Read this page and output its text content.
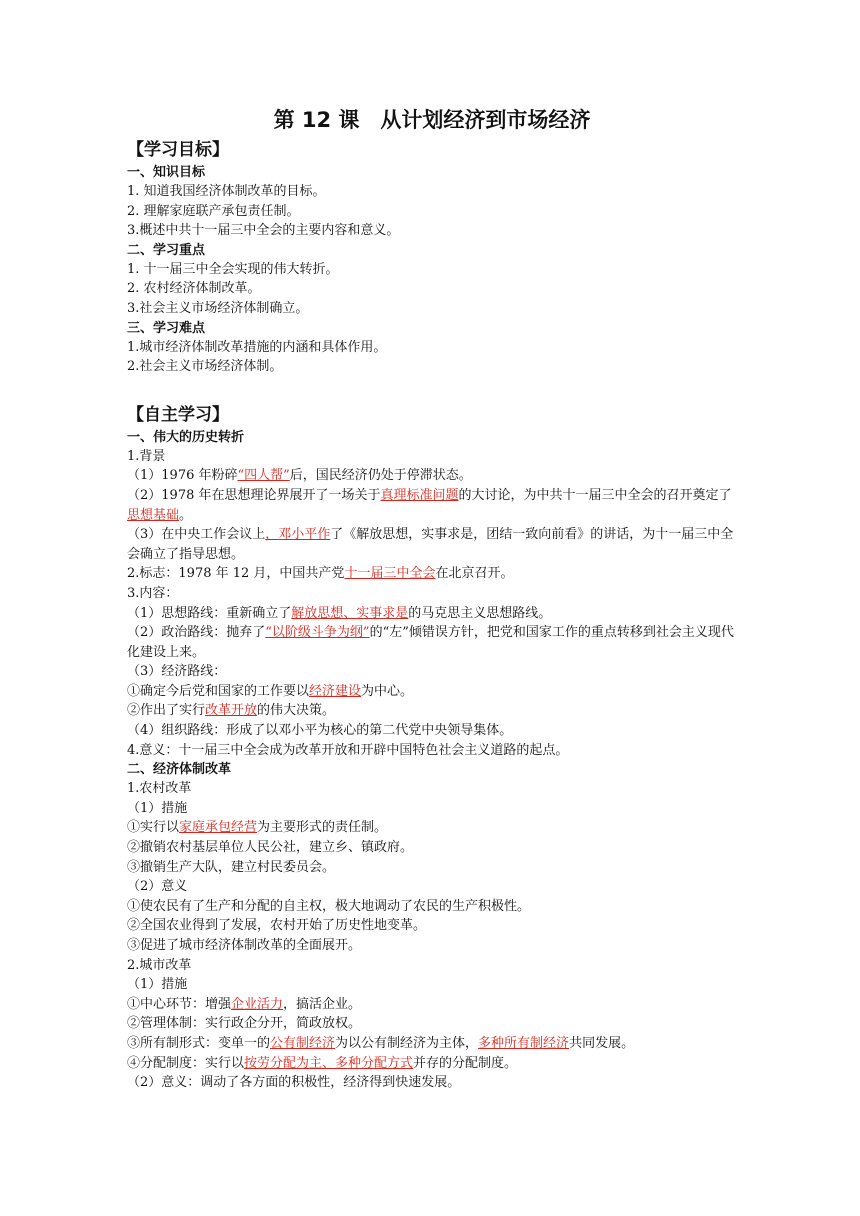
第 12 课　从计划经济到市场经济
【学习目标】
一、知识目标
1. 知道我国经济体制改革的目标。
2. 理解家庭联产承包责任制。
3.概述中共十一届三中全会的主要内容和意义。
二、学习重点
1. 十一届三中全会实现的伟大转折。
2. 农村经济体制改革。
3.社会主义市场经济体制确立。
三、学习难点
1.城市经济体制改革措施的内涵和具体作用。
2.社会主义市场经济体制。
【自主学习】
一、伟大的历史转折
1.背景
（1）1976 年粉碎“四人帮”后，国民经济仍处于停滞状态。
（2）1978 年在思想理论界展开了一场关于真理标准问题的大讨论，为中共十一届三中全会的召开奠定了思想基础。
（3）在中央工作会议上，邓小平作了《解放思想，实事求是，团结一致向前看》的讲话，为十一届三中全会确立了指导思想。
2.标志：1978 年 12 月，中国共产党十一届三中全会在北京召开。
3.内容：
（1）思想路线：重新确立了解放思想、实事求是的马克思主义思想路线。
（2）政治路线：抛弃了“以阶级斗争为纲”的“左”倾错误方针，把党和国家工作的重点转移到社会主义现代化建设上来。
（3）经济路线：
①确定今后党和国家的工作要以经济建设为中心。
②作出了实行改革开放的伟大决策。
（4）组织路线：形成了以邓小平为核心的第二代党中央领导集体。
4.意义：十一届三中全会成为改革开放和开辟中国特色社会主义道路的起点。
二、经济体制改革
1.农村改革
（1）措施
①实行以家庭承包经营为主要形式的责任制。
②撤销农村基层单位人民公社，建立乡、镇政府。
③撤销生产大队，建立村民委员会。
（2）意义
①使农民有了生产和分配的自主权，极大地调动了农民的生产积极性。
②全国农业得到了发展，农村开始了历史性地变革。
③促进了城市经济体制改革的全面展开。
2.城市改革
（1）措施
①中心环节：增强企业活力，搞活企业。
②管理体制：实行政企分开，简政放权。
③所有制形式：变单一的公有制经济为以公有制经济为主体，多种所有制经济共同发展。
④分配制度：实行以按劳分配为主、多种分配方式并存的分配制度。
（2）意义：调动了各方面的积极性，经济得到快速发展。
